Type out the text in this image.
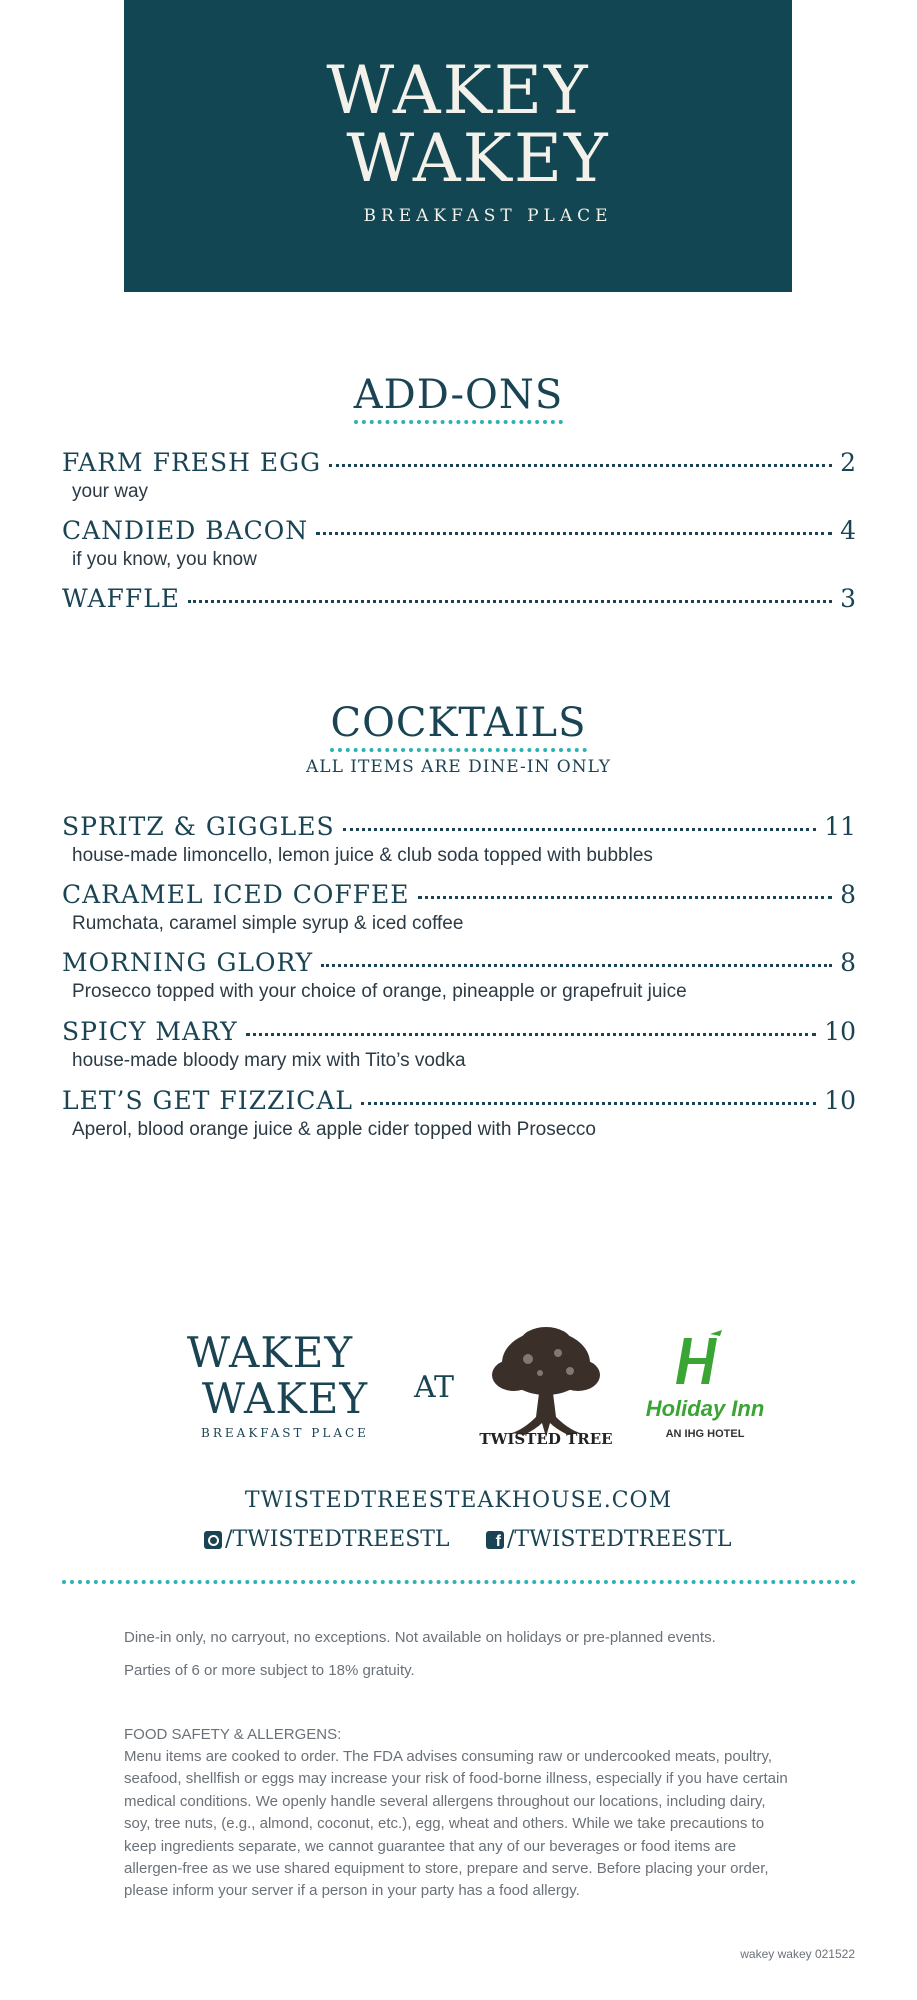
WAKEY
WAKEY
BREAKFAST PLACE
ADD-ONS
FARM FRESH EGG	2
your way
CANDIED BACON	4
if you know, you know
WAFFLE	3
COCKTAILS
ALL ITEMS ARE DINE-IN ONLY
SPRITZ & GIGGLES	11
house-made limoncello, lemon juice & club soda topped with bubbles
CARAMEL ICED COFFEE	8
Rumchata, caramel simple syrup & iced coffee
MORNING GLORY	8
Prosecco topped with your choice of orange, pineapple or grapefruit juice
SPICY MARY	10
house-made bloody mary mix with Tito’s vodka
LET’S GET FIZZICAL	10
Aperol, blood orange juice & apple cider topped with Prosecco
WAKEY
WAKEY
BREAKFAST PLACE
AT
TWISTED TREE
Holiday Inn
AN IHG HOTEL
TWISTEDTREESTEAKHOUSE.COM
/TWISTEDTREESTL f	/TWISTEDTREESTL
Dine-in only, no carryout, no exceptions. Not available on holidays or pre-planned events.
Parties of 6 or more subject to 18% gratuity.
FOOD SAFETY & ALLERGENS:
Menu items are cooked to order. The FDA advises consuming raw or undercooked meats, poultry, seafood, shellfish or eggs may increase your risk of food-borne illness, especially if you have certain medical conditions. We openly handle several allergens throughout our locations, including dairy, soy, tree nuts, (e.g., almond, coconut, etc.), egg, wheat and others. While we take precautions to keep ingredients separate, we cannot guarantee that any of our beverages or food items are allergen-free as we use shared equipment to store, prepare and serve. Before placing your order, please inform your server if a person in your party has a food allergy.
wakey wakey 021522
